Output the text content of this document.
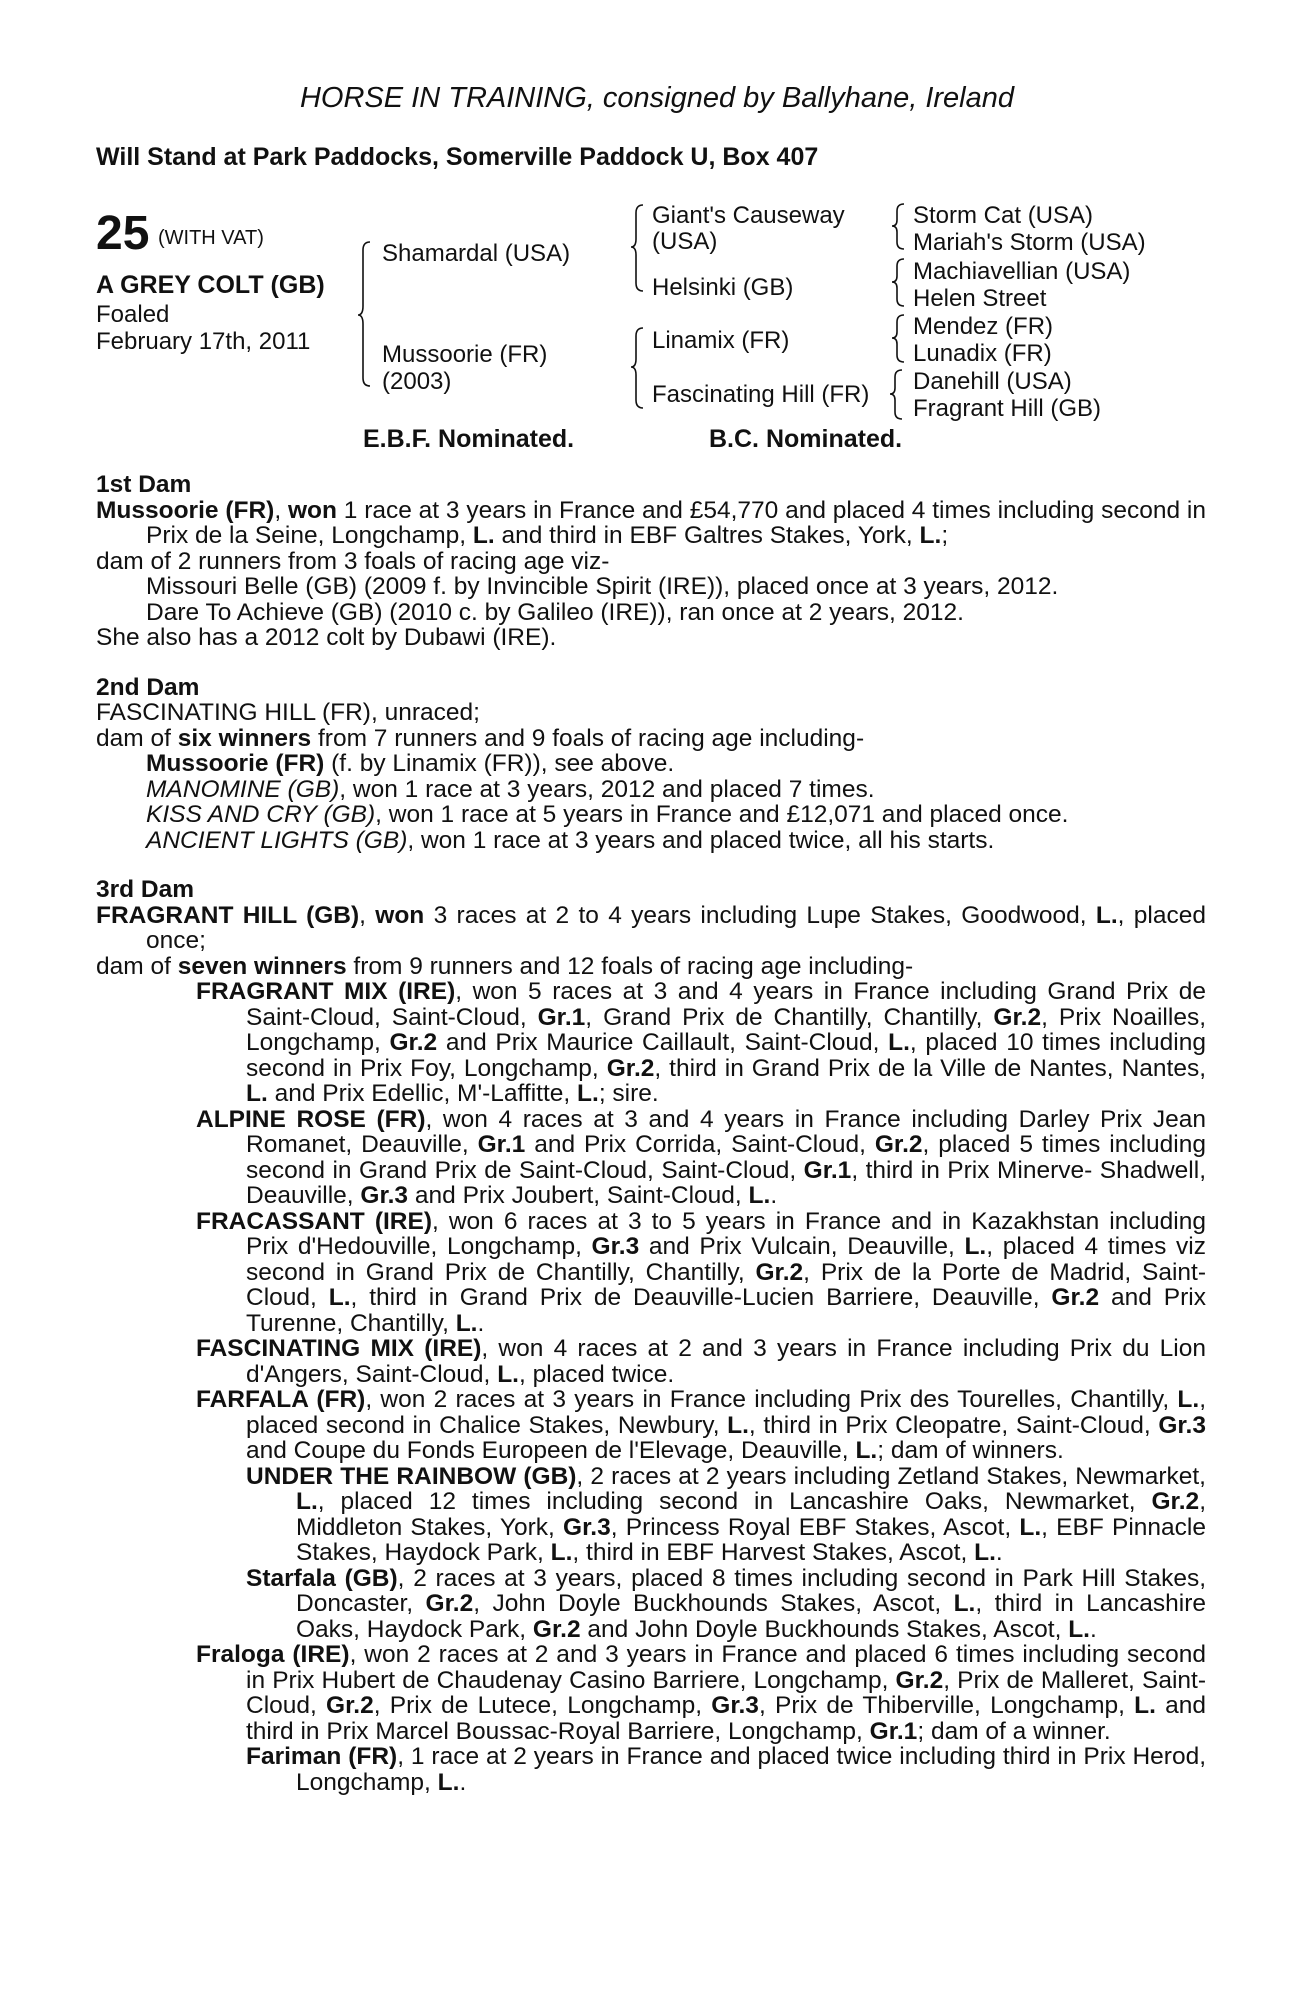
HORSE IN TRAINING, consigned by Ballyhane, Ireland
Will Stand at Park Paddocks, Somerville Paddock U, Box 407
25 (WITH VAT)
A GREY COLT (GB)
Foaled
February 17th, 2011
Shamardal (USA)
Mussoorie (FR)
(2003)
Giant's Causeway
(USA)
Helsinki (GB)
Linamix (FR)
Fascinating Hill (FR)
Storm Cat (USA)
Mariah's Storm (USA)
Machiavellian (USA)
Helen Street
Mendez (FR)
Lunadix (FR)
Danehill (USA)
Fragrant Hill (GB)
E.B.F. Nominated.	B.C. Nominated.
1st Dam
Mussoorie (FR), won 1 race at 3 years in France and £54,770 and placed 4 times including second in Prix de la Seine, Longchamp, L. and third in EBF Galtres Stakes, York, L.;
dam of 2 runners from 3 foals of racing age viz-
Missouri Belle (GB) (2009 f. by Invincible Spirit (IRE)), placed once at 3 years, 2012.
Dare To Achieve (GB) (2010 c. by Galileo (IRE)), ran once at 2 years, 2012.
She also has a 2012 colt by Dubawi (IRE).
2nd Dam
FASCINATING HILL (FR), unraced;
dam of six winners from 7 runners and 9 foals of racing age including-
Mussoorie (FR) (f. by Linamix (FR)), see above.
MANOMINE (GB), won 1 race at 3 years, 2012 and placed 7 times.
KISS AND CRY (GB), won 1 race at 5 years in France and £12,071 and placed once.
ANCIENT LIGHTS (GB), won 1 race at 3 years and placed twice, all his starts.
3rd Dam
FRAGRANT HILL (GB), won 3 races at 2 to 4 years including Lupe Stakes, Goodwood, L., placed once;
dam of seven winners from 9 runners and 12 foals of racing age including-
FRAGRANT MIX (IRE), won 5 races at 3 and 4 years in France including Grand Prix de Saint-Cloud, Saint-Cloud, Gr.1, Grand Prix de Chantilly, Chantilly, Gr.2, Prix Noailles, Longchamp, Gr.2 and Prix Maurice Caillault, Saint-Cloud, L., placed 10 times including second in Prix Foy, Longchamp, Gr.2, third in Grand Prix de la Ville de Nantes, Nantes, L. and Prix Edellic, M'-Laffitte, L.; sire.
ALPINE ROSE (FR), won 4 races at 3 and 4 years in France including Darley Prix Jean Romanet, Deauville, Gr.1 and Prix Corrida, Saint-Cloud, Gr.2, placed 5 times including second in Grand Prix de Saint-Cloud, Saint-Cloud, Gr.1, third in Prix Minerve- Shadwell, Deauville, Gr.3 and Prix Joubert, Saint-Cloud, L..
FRACASSANT (IRE), won 6 races at 3 to 5 years in France and in Kazakhstan including Prix d'Hedouville, Longchamp, Gr.3 and Prix Vulcain, Deauville, L., placed 4 times viz second in Grand Prix de Chantilly, Chantilly, Gr.2, Prix de la Porte de Madrid, Saint-Cloud, L., third in Grand Prix de Deauville-Lucien Barriere, Deauville, Gr.2 and Prix Turenne, Chantilly, L..
FASCINATING MIX (IRE), won 4 races at 2 and 3 years in France including Prix du Lion d'Angers, Saint-Cloud, L., placed twice.
FARFALA (FR), won 2 races at 3 years in France including Prix des Tourelles, Chantilly, L., placed second in Chalice Stakes, Newbury, L., third in Prix Cleopatre, Saint-Cloud, Gr.3 and Coupe du Fonds Europeen de l'Elevage, Deauville, L.; dam of winners.
UNDER THE RAINBOW (GB), 2 races at 2 years including Zetland Stakes, Newmarket, L., placed 12 times including second in Lancashire Oaks, Newmarket, Gr.2, Middleton Stakes, York, Gr.3, Princess Royal EBF Stakes, Ascot, L., EBF Pinnacle Stakes, Haydock Park, L., third in EBF Harvest Stakes, Ascot, L..
Starfala (GB), 2 races at 3 years, placed 8 times including second in Park Hill Stakes, Doncaster, Gr.2, John Doyle Buckhounds Stakes, Ascot, L., third in Lancashire Oaks, Haydock Park, Gr.2 and John Doyle Buckhounds Stakes, Ascot, L..
Fraloga (IRE), won 2 races at 2 and 3 years in France and placed 6 times including second in Prix Hubert de Chaudenay Casino Barriere, Longchamp, Gr.2, Prix de Malleret, Saint-Cloud, Gr.2, Prix de Lutece, Longchamp, Gr.3, Prix de Thiberville, Longchamp, L. and third in Prix Marcel Boussac-Royal Barriere, Longchamp, Gr.1; dam of a winner.
Fariman (FR), 1 race at 2 years in France and placed twice including third in Prix Herod, Longchamp, L..
